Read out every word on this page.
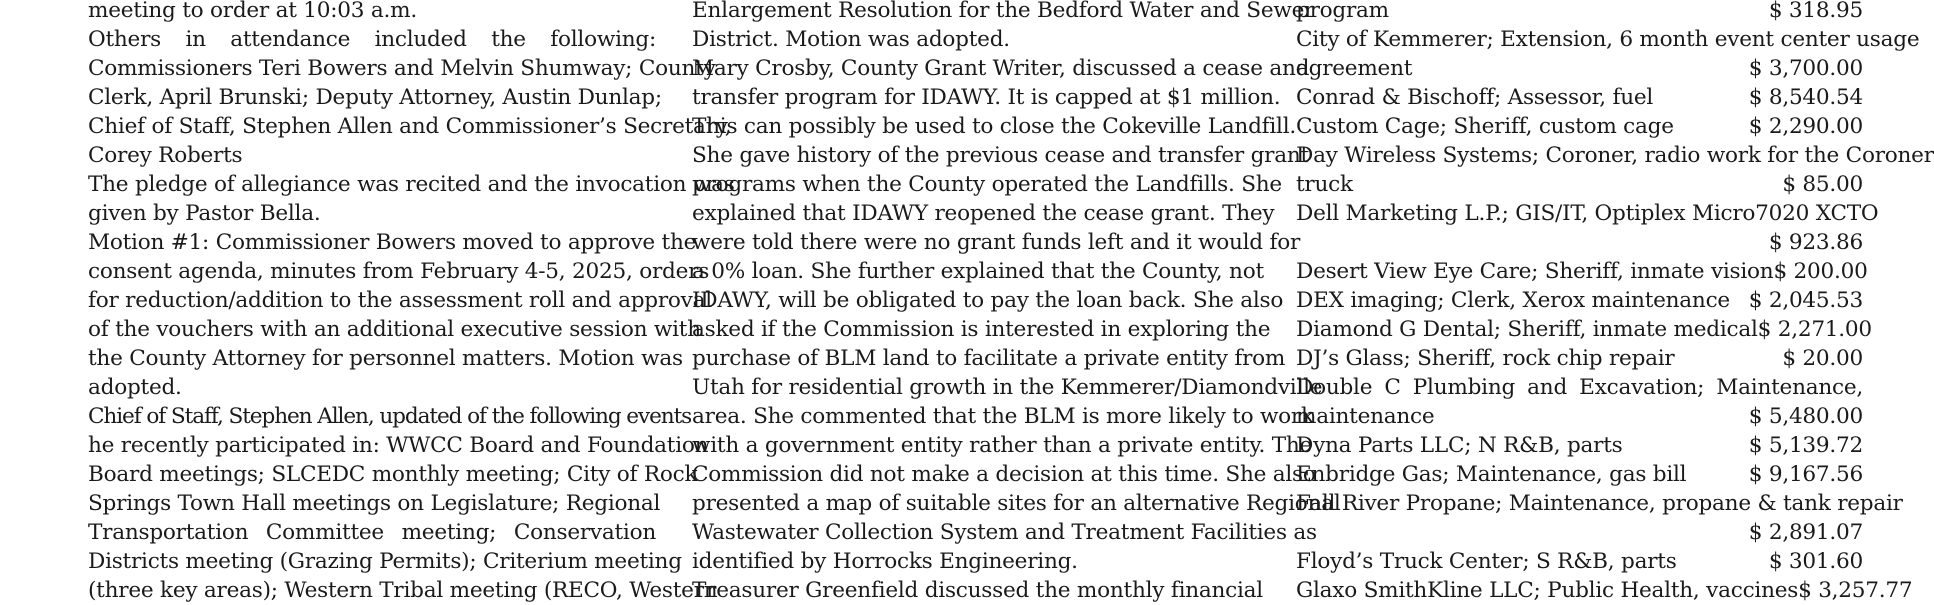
meeting to order at 10:03 a.m.
Others in attendance included the following:
Commissioners Teri Bowers and Melvin Shumway; County
Clerk, April Brunski; Deputy Attorney, Austin Dunlap;
Chief of Staff, Stephen Allen and Commissioner’s Secretary,
Corey Roberts
The pledge of allegiance was recited and the invocation was
given by Pastor Bella.
Motion #1: Commissioner Bowers moved to approve the
consent agenda, minutes from February 4-5, 2025, orders
for reduction/addition to the assessment roll and approval
of the vouchers with an additional executive session with
the County Attorney for personnel matters. Motion was
adopted.
Chief of Staff, Stephen Allen, updated of the following events
he recently participated in: WWCC Board and Foundation
Board meetings; SLCEDC monthly meeting; City of Rock
Springs Town Hall meetings on Legislature; Regional
Transportation Committee meeting; Conservation
Districts meeting (Grazing Permits); Criterium meeting
(three key areas); Western Tribal meeting (RECO, Western
Enlargement Resolution for the Bedford Water and Sewer
District. Motion was adopted.
Mary Crosby, County Grant Writer, discussed a cease and
transfer program for IDAWY. It is capped at $1 million.
This can possibly be used to close the Cokeville Landfill.
She gave history of the previous cease and transfer grant
programs when the County operated the Landfills. She
explained that IDAWY reopened the cease grant. They
were told there were no grant funds left and it would for
a 0% loan. She further explained that the County, not
IDAWY, will be obligated to pay the loan back. She also
asked if the Commission is interested in exploring the
purchase of BLM land to facilitate a private entity from
Utah for residential growth in the Kemmerer/Diamondville
area. She commented that the BLM is more likely to work
with a government entity rather than a private entity. The
Commission did not make a decision at this time. She also
presented a map of suitable sites for an alternative Regional
Wastewater Collection System and Treatment Facilities as
identified by Horrocks Engineering.
Treasurer Greenfield discussed the monthly financial
program	$ 318.95
City of Kemmerer; Extension, 6 month event center usage
agreement	$ 3,700.00
Conrad & Bischoff; Assessor, fuel	$ 8,540.54
Custom Cage; Sheriff, custom cage	$ 2,290.00
Day Wireless Systems; Coroner, radio work for the Coroner
truck	$ 85.00
Dell Marketing L.P.; GIS/IT, Optiplex Micro7020 XCTO
$ 923.86
Desert View Eye Care; Sheriff, inmate vision $ 200.00
DEX imaging; Clerk, Xerox maintenance $ 2,045.53
Diamond G Dental; Sheriff, inmate medical $ 2,271.00
DJ’s Glass; Sheriff, rock chip repair	$ 20.00
Double C Plumbing and Excavation; Maintenance,
maintenance	$ 5,480.00
Dyna Parts LLC; N R&B, parts	$ 5,139.72
Enbridge Gas; Maintenance, gas bill	$ 9,167.56
Fall River Propane; Maintenance, propane & tank repair
$ 2,891.07
Floyd’s Truck Center; S R&B, parts	$ 301.60
Glaxo SmithKline LLC; Public Health, vaccines $ 3,257.77
